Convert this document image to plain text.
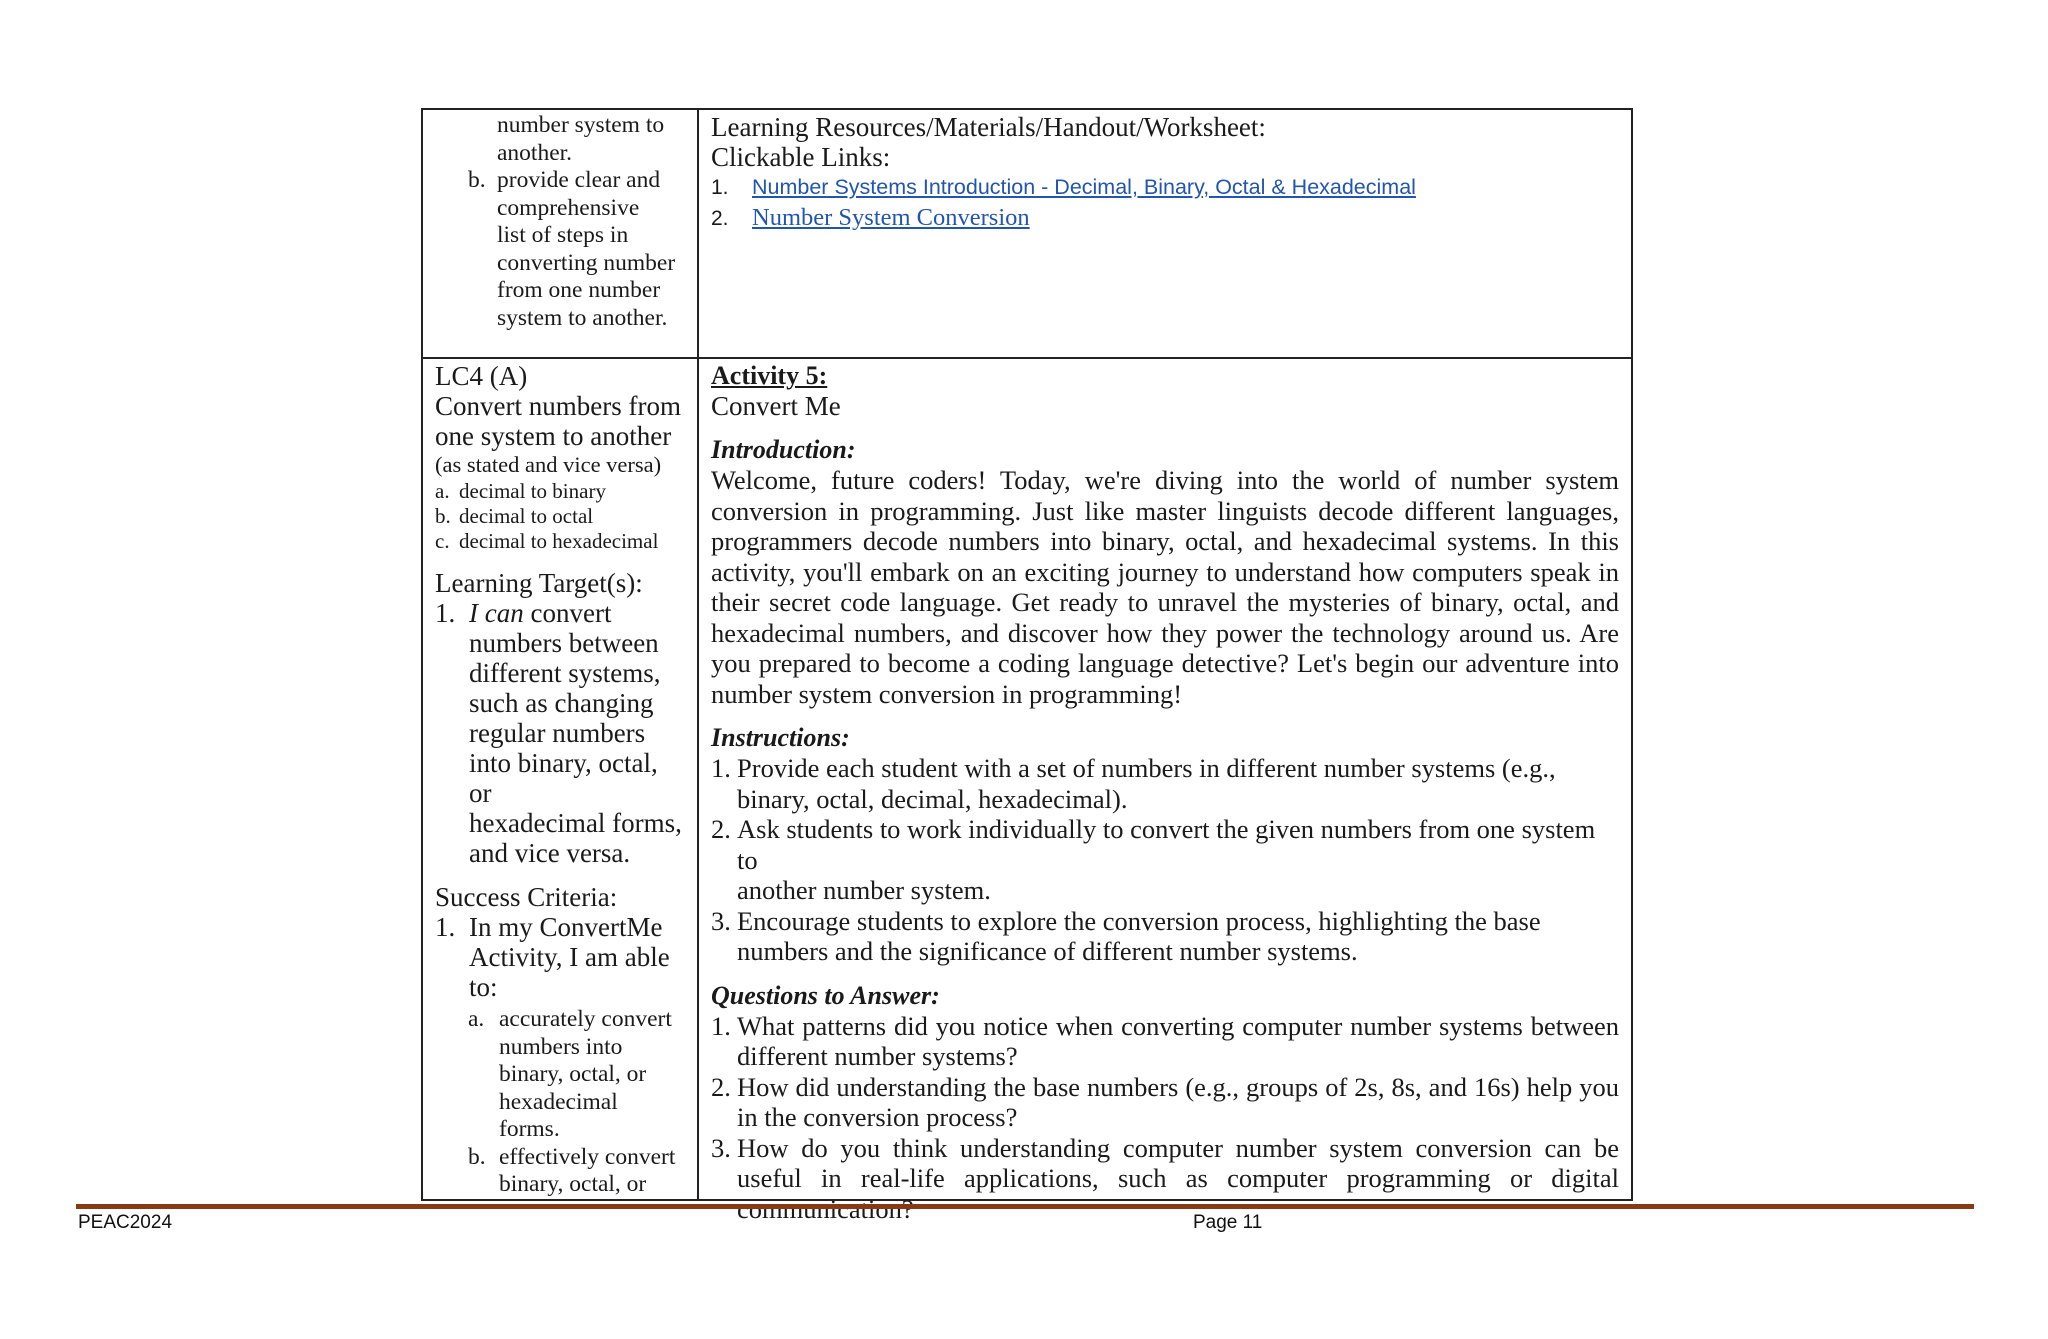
number system to
another.
b. provide clear and
comprehensive
list of steps in
converting number
from one number
system to another.
Learning Resources/Materials/Handout/Worksheet:
Clickable Links:
1.	Number Systems Introduction - Decimal, Binary, Octal & Hexadecimal
2. Number System Conversion
LC4 (A)
Convert numbers from
one system to another
(as stated and vice versa)
a. decimal to binary
b. decimal to octal
c. decimal to hexadecimal
Learning Target(s):
1. I can convert
numbers between
different systems,
such as changing
regular numbers
into binary, octal, or
hexadecimal forms,
and vice versa.
Success Criteria:
1. In my ConvertMe
Activity, I am able
to:
a. accurately convert
numbers into
binary, octal, or
hexadecimal
forms.
b. effectively convert
binary, octal, or
Activity 5:
Convert Me
Introduction:
Welcome, future coders! Today, we're diving into the world of number system conversion in programming. Just like master linguists decode different languages, programmers decode numbers into binary, octal, and hexadecimal systems. In this activity, you'll embark on an exciting journey to understand how computers speak in their secret code language. Get ready to unravel the mysteries of binary, octal, and hexadecimal numbers, and discover how they power the technology around us. Are you prepared to become a coding language detective? Let's begin our adventure into number system conversion in programming!
Instructions:
1. Provide each student with a set of numbers in different number systems (e.g.,
binary, octal, decimal, hexadecimal).
2. Ask students to work individually to convert the given numbers from one system to
another number system.
3. Encourage students to explore the conversion process, highlighting the base
numbers and the significance of different number systems.
Questions to Answer:
1. What patterns did you notice when converting computer number systems between different number systems?
2. How did understanding the base numbers (e.g., groups of 2s, 8s, and 16s) help you in the conversion process?
3. How do you think understanding computer number system conversion can be useful in real-life applications, such as computer programming or digital
PEAC2024	Page 11
